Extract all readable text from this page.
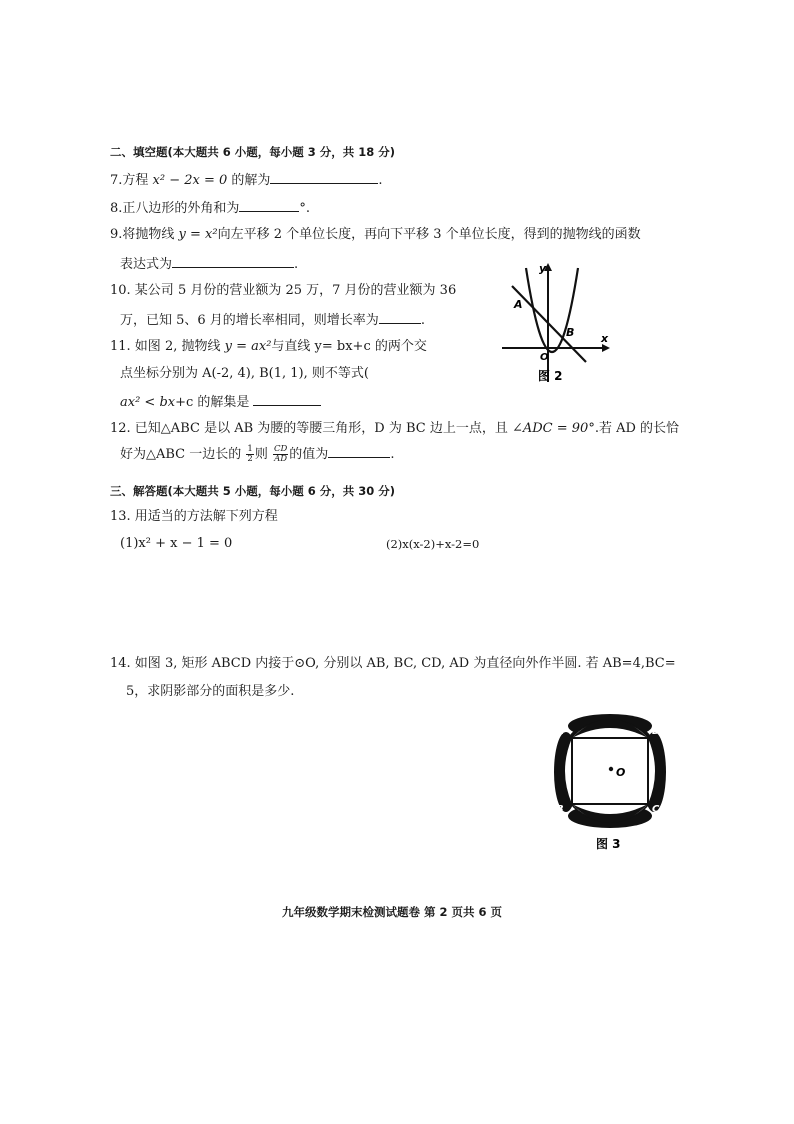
二、填空题(本大题共 6 小题，每小题 3 分，共 18 分)
7.方程 x² − 2x = 0 的解为	.
8.正八边形的外角和为	°.
9.将抛物线 y = x²向左平移 2 个单位长度，再向下平移 3 个单位长度，得到的抛物线的函数
表达式为	.
10. 某公司 5 月份的营业额为 25 万，7 月份的营业额为 36
万，已知 5、6 月的增长率相同，则增长率为	.
11. 如图 2, 抛物线 y = ax²与直线 y= bx+c 的两个交
点坐标分别为 A(-2, 4), B(1, 1), 则不等式(
ax² < bx+c 的解集是
12. 已知△ABC 是以 AB 为腰的等腰三角形，D 为 BC 边上一点，且 ∠ADC = 90°.若 AD 的长恰
好为△ABC 一边长的 $\frac{1}{2}$ 则 $\frac{CD}{AD}$ 的值为	.
三、解答题(本大题共 5 小题，每小题 6 分，共 30 分)
13. 用适当的方法解下列方程
(1)x² + x − 1 = 0	(2)x(x-2)+x-2=0
14. 如图 3, 矩形 ABCD 内接于⊙O, 分别以 AB, BC, CD, AD 为直径向外作半圆. 若 AB=4,BC=
5，求阴影部分的面积是多少.
y
x
A
B
O
图 2
O
A	D
B	C
图 3
九年级数学期末检测试题卷 第 2 页共 6 页
